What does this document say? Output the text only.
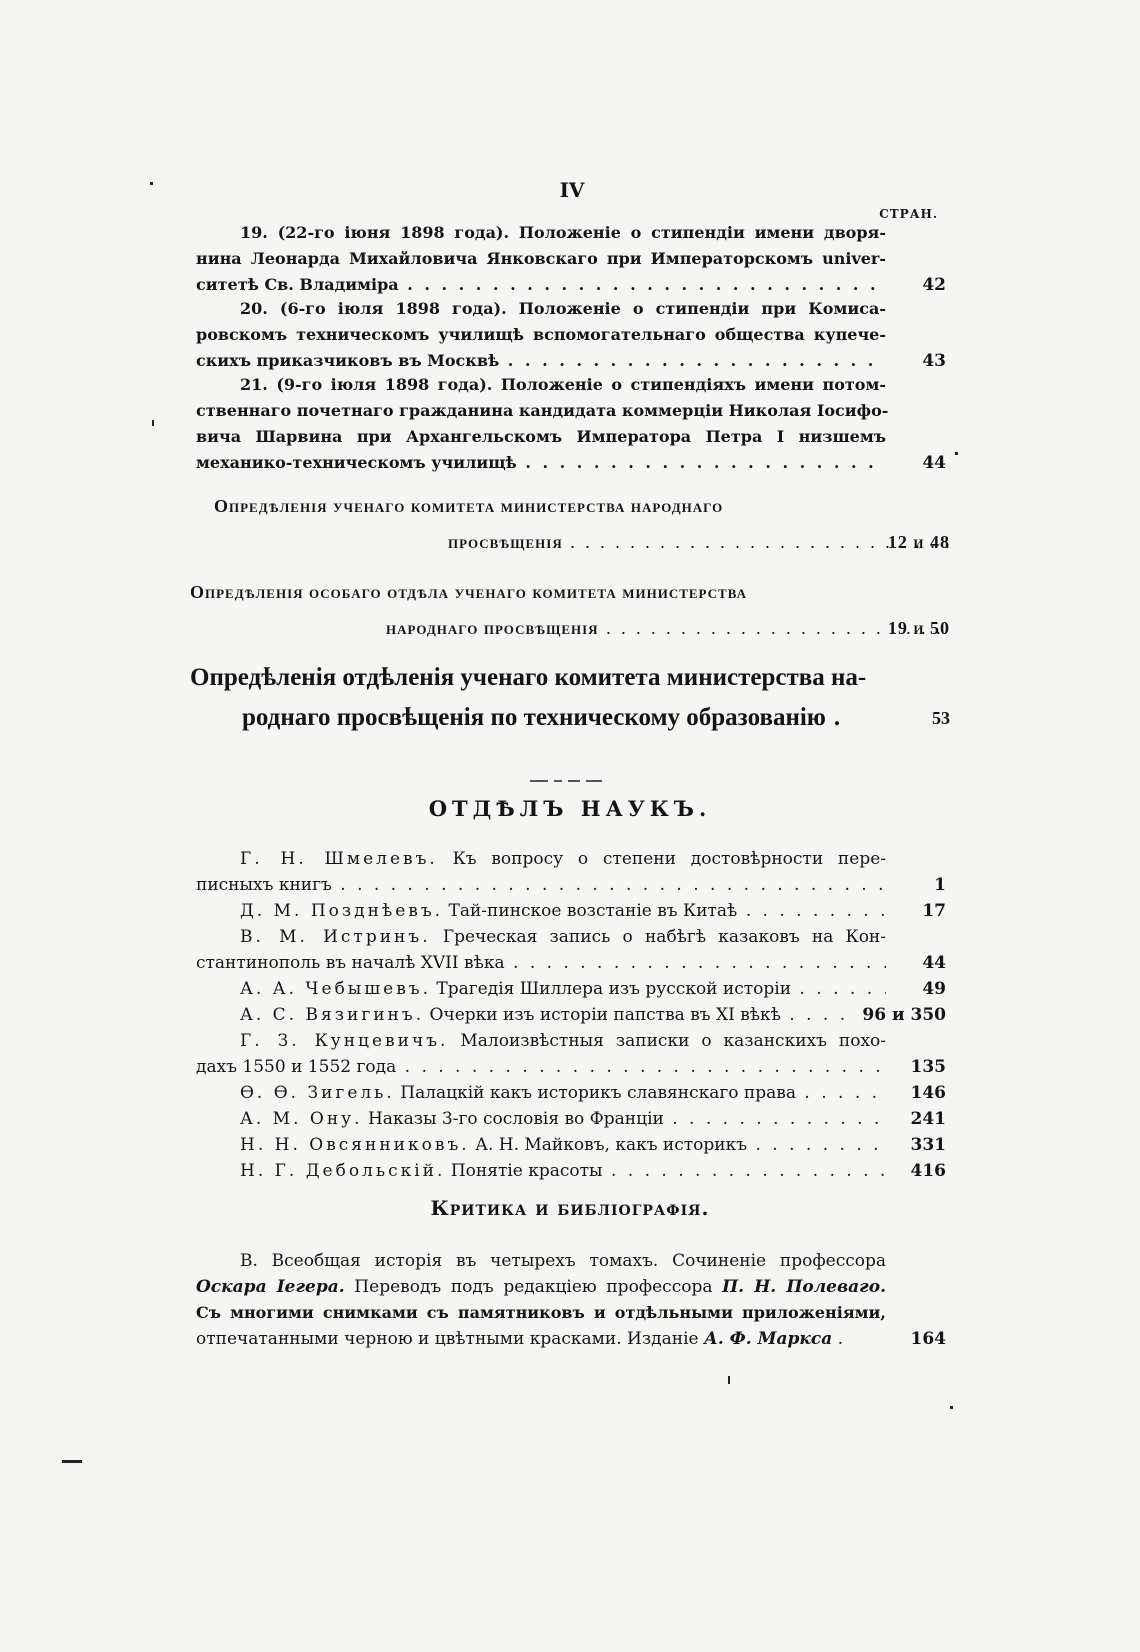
IV
СТРАН.
19. (22-го іюня 1898 года). Положеніе о стипендіи имени дворя-
нина Леонарда Михайловича Янковскаго при Императорскомъ univer-
ситетѣ Св. Владиміра . . .	42
20. (6-го іюля 1898 года). Положеніе о стипендіи при Комиса-
ровскомъ техническомъ училищѣ вспомогательнаго общества купече-
скихъ приказчиковъ въ Москвѣ . . .	43
21. (9-го іюля 1898 года). Положеніе о стипендіяхъ имени потом-
ственнаго почетнаго гражданина кандидата коммерціи Николая Іосифо-
вича Шарвина при Архангельскомъ Императора Петра I низшемъ
механико-техническомъ училищѣ . . .	44
Опредѣленія ученаго комитета министерства народнаго
просвѣщенія . . .	12 и 48
Опредѣленія особаго отдѣла ученаго комитета министерства
народнаго просвѣщенія . . .	19 и 50
Опредѣленія отдѣленія ученаго комитета министерства на-
роднаго просвѣщенія по техническому образованію .	53
ОТДѢЛЪ НАУКЪ.
Г. Н. Шмелевъ. Къ вопросу о степени достовѣрности пере-
писныхъ книгъ . . .	1
Д. М. Позднѣевъ. Тай-пинское возстаніе въ Китаѣ . . .	17
В. М. Истринъ. Греческая запись о набѣгѣ казаковъ на Кон-
стантинополь въ началѣ XVII вѣка . . .	44
А. А. Чебышевъ. Трагедія Шиллера изъ русской исторіи . . .	49
А. С. Вязигинъ. Очерки изъ исторіи папства въ XI вѣкѣ . . .	96 и 350
Г. З. Кунцевичъ. Малоизвѣстныя записки о казанскихъ похо-
дахъ 1550 и 1552 года . . .	135
Ѳ. Ѳ. Зигель. Палацкій какъ историкъ славянскаго права . . .	146
А. М. Ону. Наказы 3-го сословія во Франціи . . .	241
Н. Н. Овсянниковъ. А. Н. Майковъ, какъ историкъ . . .	331
Н. Г. Дебольскій. Понятіе красоты . . .	416
Критика и библіографія.
В. Всеобщая исторія въ четырехъ томахъ. Сочиненіе профессора
Оскара Іегера. Переводъ подъ редакціею профессора П. Н. Полеваго.
Съ многими снимками съ памятниковъ и отдѣльными приложеніями,
отпечатанными черною и цвѣтными красками. Изданіе А. Ф. Маркса .	164
